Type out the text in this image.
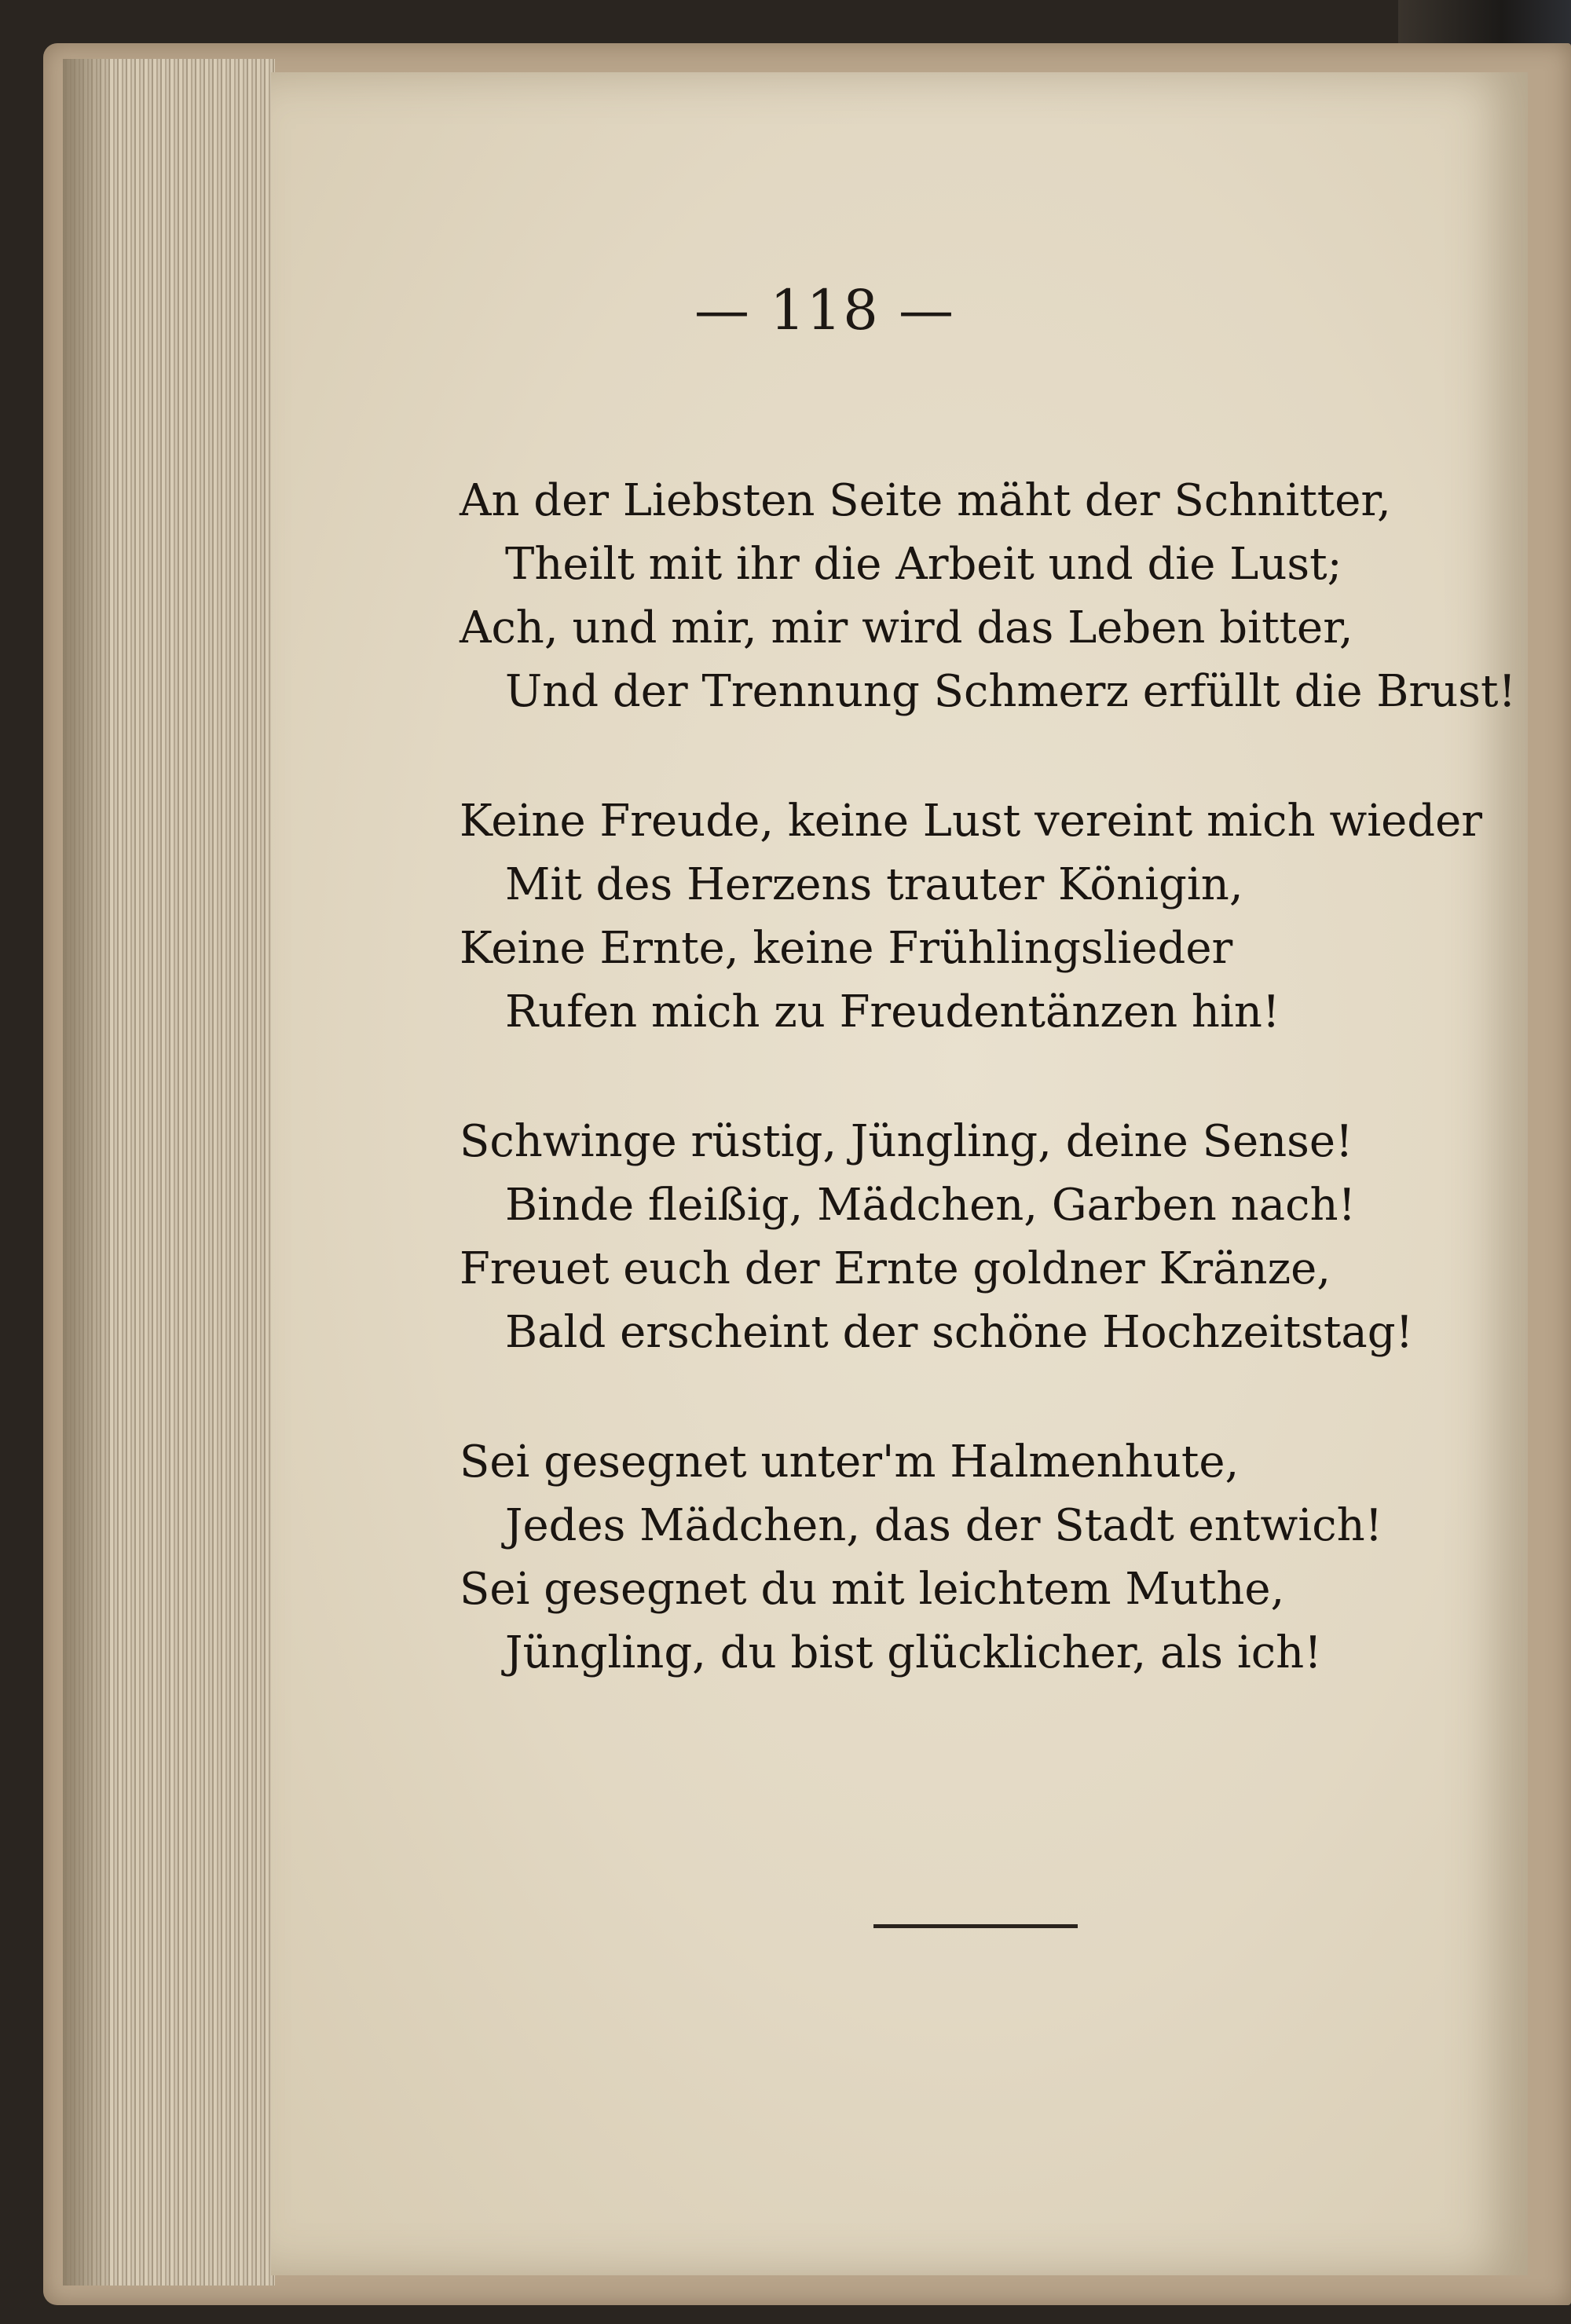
— 118 —
An der Liebsten Seite mäht der Schnitter,
Theilt mit ihr die Arbeit und die Lust;
Ach, und mir, mir wird das Leben bitter,
Und der Trennung Schmerz erfüllt die Brust!
Keine Freude, keine Lust vereint mich wieder
Mit des Herzens trauter Königin,
Keine Ernte, keine Frühlingslieder
Rufen mich zu Freudentänzen hin!
Schwinge rüstig, Jüngling, deine Sense!
Binde fleißig, Mädchen, Garben nach!
Freuet euch der Ernte goldner Kränze,
Bald erscheint der schöne Hochzeitstag!
Sei gesegnet unter'm Halmenhute,
Jedes Mädchen, das der Stadt entwich!
Sei gesegnet du mit leichtem Muthe,
Jüngling, du bist glücklicher, als ich!
